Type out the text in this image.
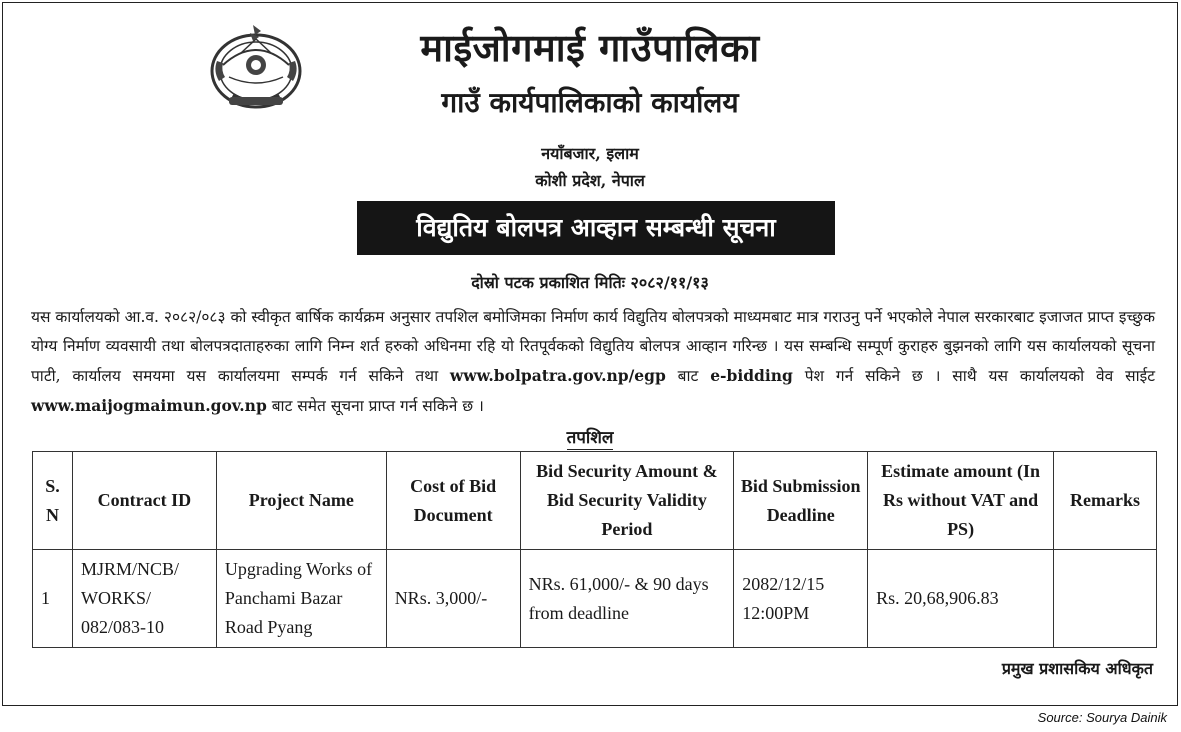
माईजोगमाई गाउँपालिका
गाउँ कार्यपालिकाको कार्यालय
नयाँबजार, इलाम
कोशी प्रदेश, नेपाल
विद्युतिय बोलपत्र आव्हान सम्बन्धी सूचना
दोस्रो पटक प्रकाशित मितिः २०८२/११/१३
यस कार्यालयको आ.व. २०८२/०८३ को स्वीकृत बार्षिक कार्यक्रम अनुसार तपशिल बमोजिमका निर्माण कार्य विद्युतिय बोलपत्रको माध्यमबाट मात्र गराउनु पर्ने भएकोले नेपाल सरकारबाट इजाजत प्राप्त इच्छुक योग्य निर्माण व्यवसायी तथा बोलपत्रदाताहरुका लागि निम्न शर्त हरुको अधिनमा रहि यो रितपूर्वकको विद्युतिय बोलपत्र आव्हान गरिन्छ । यस सम्बन्धि सम्पूर्ण कुराहरु बुझनको लागि यस कार्यालयको सूचना पाटी, कार्यालय समयमा यस कार्यालयमा सम्पर्क गर्न सकिने तथा www.bolpatra.gov.np/egp बाट e-bidding पेश गर्न सकिने छ । साथै यस कार्यालयको वेव साईट www.maijogmaimun.gov.np बाट समेत सूचना प्राप्त गर्न सकिने छ ।
तपशिल
S.
N	Contract ID	Project Name	Cost of Bid Document	Bid Security Amount & Bid Security Validity Period	Bid Submission Deadline	Estimate amount (In Rs without VAT and PS)	Remarks
1	MJRM/NCB/ WORKS/ 082/083-10	Upgrading Works of Panchami Bazar Road Pyang	NRs. 3,000/-	NRs. 61,000/- & 90 days from deadline	2082/12/15 12:00PM	Rs. 20,68,906.83	
प्रमुख प्रशासकिय अधिकृत
Source: Sourya Dainik
